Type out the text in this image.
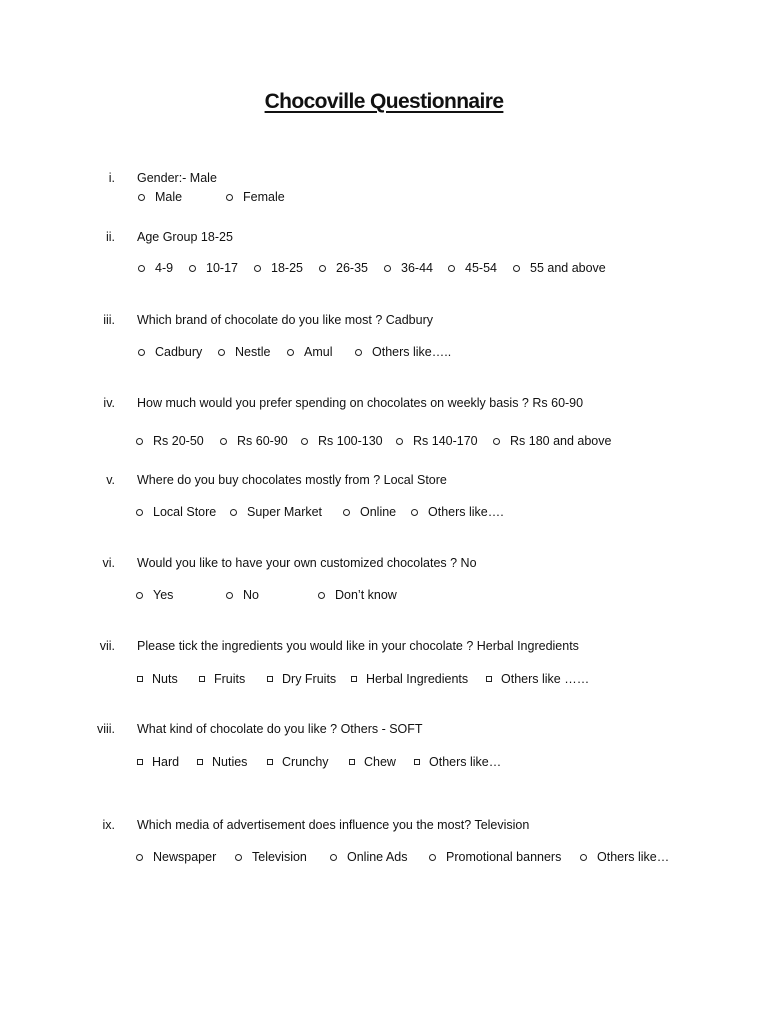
Chocoville Questionnaire
i. Gender:- Male
Male	Female
ii. Age Group 18-25
4-9	10-17	18-25	26-35	36-44	45-54	55 and above
iii. Which brand of chocolate do you like most ? Cadbury
Cadbury	Nestle	Amul	Others like…..
iv. How much would you prefer spending on chocolates on weekly basis ? Rs 60-90
Rs 20-50	Rs 60-90 Rs 100-130 Rs 140-170	Rs 180 and above
v. Where do you buy chocolates mostly from ? Local Store
Local Store Super Market	Online	Others like….
vi. Would you like to have your own customized chocolates ? No
Yes	No	Don’t know
vii. Please tick the ingredients you would like in your chocolate ? Herbal Ingredients
Nuts	Fruits	Dry Fruits Herbal Ingredients	Others like ……
viii. What kind of chocolate do you like ? Others - SOFT
Hard	Nuties	Crunchy	Chew	Others like…
ix. Which media of advertisement does influence you the most? Television
Newspaper	Television	Online Ads	Promotional banners	Others like…
